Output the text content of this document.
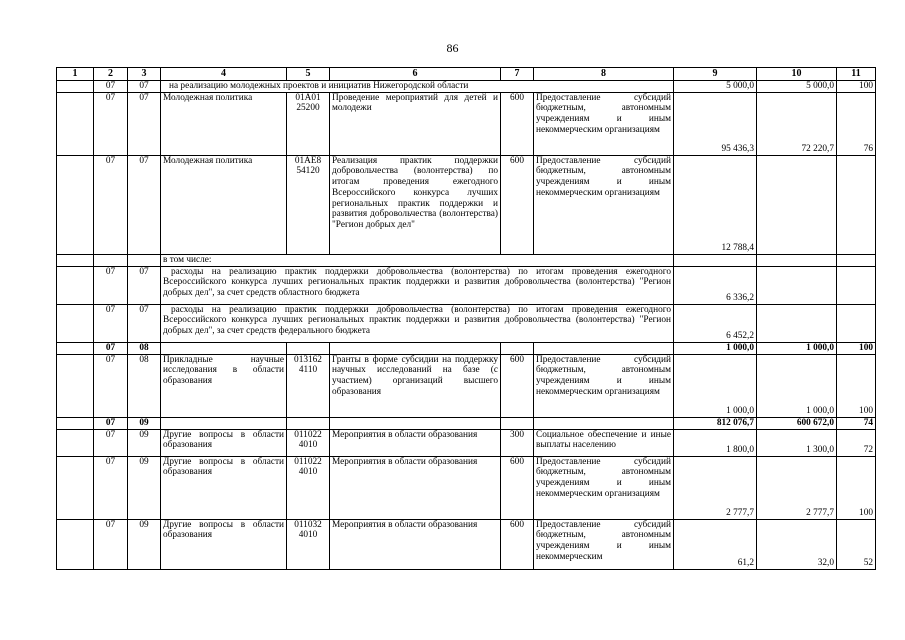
86
1	2	3	4	5	6	7	8	9	10	11
	07	07	на реализацию молодежных проектов и инициатив Нижегородской области					5 000,0	5 000,0	100
	07	07	Молодежная политика	01А01 25200	Проведение мероприятий для детей и молодежи	600	Предоставление субсидий бюджетным, автономным учреждениям и иным некоммерческим организациям	95 436,3	72 220,7	76
	07	07	Молодежная политика	01АЕ8 54120	Реализация практик поддержки добровольчества (волонтерства) по итогам проведения ежегодного Всероссийского конкурса лучших региональных практик поддержки и развития добровольчества (волонтерства) "Регион добрых дел"	600	Предоставление субсидий бюджетным, автономным учреждениям и иным некоммерческим организациям	12 788,4		
			в том числе:							
	07	07	расходы на реализацию практик поддержки добровольчества (волонтерства) по итогам проведения ежегодного Всероссийского конкурса лучших региональных практик поддержки и развития добровольчества (волонтерства) "Регион добрых дел", за счет средств областного бюджета					6 336,2		
	07	07	расходы на реализацию практик поддержки добровольчества (волонтерства) по итогам проведения ежегодного Всероссийского конкурса лучших региональных практик поддержки и развития добровольчества (волонтерства) "Регион добрых дел", за счет средств федерального бюджета					6 452,2		
	07	08						1 000,0	1 000,0	100
	07	08	Прикладные научные исследования в области образования	013162 4110	Гранты в форме субсидии на поддержку научных исследований на базе (с участием) организаций высшего образования	600	Предоставление субсидий бюджетным, автономным учреждениям и иным некоммерческим организациям	1 000,0	1 000,0	100
	07	09						812 076,7	600 672,0	74
	07	09	Другие вопросы в области образования	011022 4010	Мероприятия в области образования	300	Социальное обеспечение и иные выплаты населению	1 800,0	1 300,0	72
	07	09	Другие вопросы в области образования	011022 4010	Мероприятия в области образования	600	Предоставление субсидий бюджетным, автономным учреждениям и иным некоммерческим организациям	2 777,7	2 777,7	100
	07	09	Другие вопросы в области образования	011032 4010	Мероприятия в области образования	600	Предоставление субсидий бюджетным, автономным учреждениям и иным некоммерческим	61,2	32,0	52
